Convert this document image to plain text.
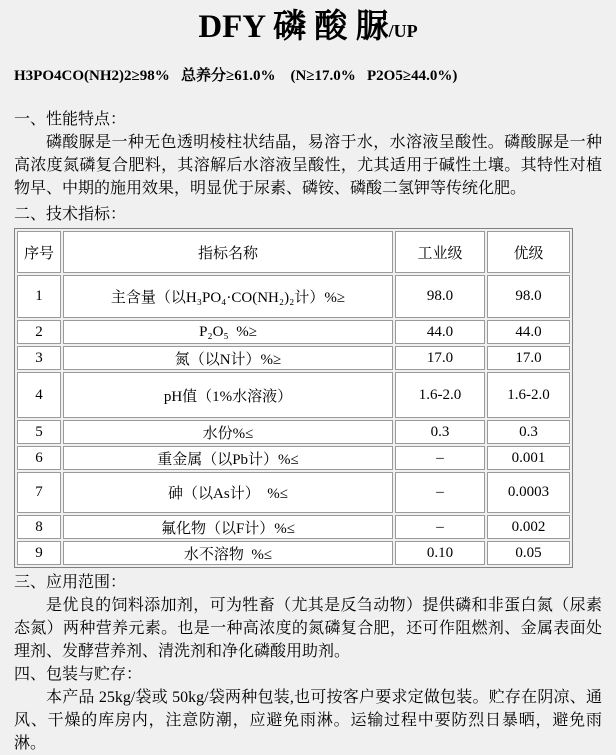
DFY 磷 酸 脲/UP
H3PO4CO(NH2)2≥98%   总养分≥61.0%    (N≥17.0%   P2O5≥44.0%)
一、性能特点：

磷酸脲是一种无色透明棱柱状结晶，易溶于水，水溶液呈酸性。磷酸脲是一种高浓度氮磷复合肥料，其溶解后水溶液呈酸性，尤其适用于碱性土壤。其特性对植物早、中期的施用效果，明显优于尿素、磷铵、磷酸二氢钾等传统化肥。

二、技术指标：
序号	指标名称	工业级	优级
1	主含量（以H₃PO₄·CO(NH₂)₂计）%≥	98.0	98.0
2	P₂O₅  %≥	44.0	44.0
3	氮（以N计）%≥	17.0	17.0
4	pH值（1%水溶液）	1.6-2.0	1.6-2.0
5	水份%≤	0.3	0.3
6	重金属（以Pb计）%≤	–	0.001
7	砷（以As计）  %≤	–	0.0003
8	氟化物（以F计）%≤	–	0.002
9	水不溶物  %≤	0.10	0.05
三、应用范围：

是优良的饲料添加剂，可为牲畜（尤其是反刍动物）提供磷和非蛋白氮（尿素态氮）两种营养元素。也是一种高浓度的氮磷复合肥，还可作阻燃剂、金属表面处理剂、发酵营养剂、清洗剂和净化磷酸用助剂。

四、包装与贮存：

本产品 25kg/袋或 50kg/袋两种包装,也可按客户要求定做包装。贮存在阴凉、通风、干燥的库房内，注意防潮，应避免雨淋。运输过程中要防烈日暴晒，避免雨淋。
